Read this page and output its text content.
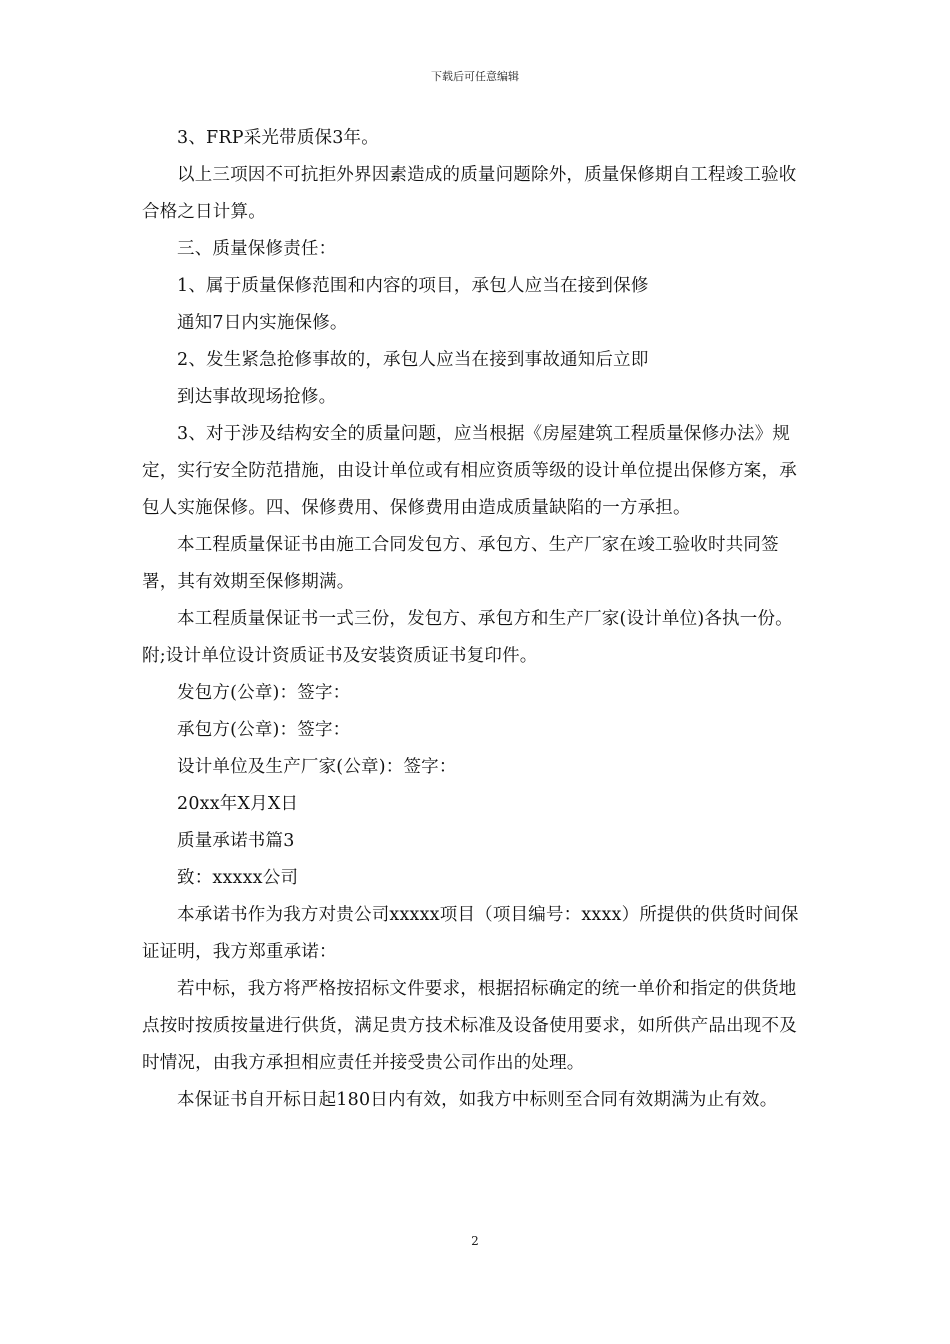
下载后可任意编辑

3、FRP采光带质保3年。

以上三项因不可抗拒外界因素造成的质量问题除外，质量保修期自工程竣工验收合格之日计算。

三、质量保修责任：

1、属于质量保修范围和内容的项目，承包人应当在接到保修

通知7日内实施保修。

2、发生紧急抢修事故的，承包人应当在接到事故通知后立即

到达事故现场抢修。

3、对于涉及结构安全的质量问题，应当根据《房屋建筑工程质量保修办法》规定，实行安全防范措施，由设计单位或有相应资质等级的设计单位提出保修方案，承包人实施保修。四、保修费用、保修费用由造成质量缺陷的一方承担。

本工程质量保证书由施工合同发包方、承包方、生产厂家在竣工验收时共同签署，其有效期至保修期满。

本工程质量保证书一式三份，发包方、承包方和生产厂家(设计单位)各执一份。附;设计单位设计资质证书及安装资质证书复印件。

发包方(公章)：签字：

承包方(公章)：签字：

设计单位及生产厂家(公章)：签字：

20xx年X月X日

质量承诺书篇3

致：xxxxx公司

本承诺书作为我方对贵公司xxxxx项目（项目编号：xxxx）所提供的供货时间保证证明，我方郑重承诺：

若中标，我方将严格按招标文件要求，根据招标确定的统一单价和指定的供货地点按时按质按量进行供货，满足贵方技术标准及设备使用要求，如所供产品出现不及时情况，由我方承担相应责任并接受贵公司作出的处理。

本保证书自开标日起180日内有效，如我方中标则至合同有效期满为止有效。

2
